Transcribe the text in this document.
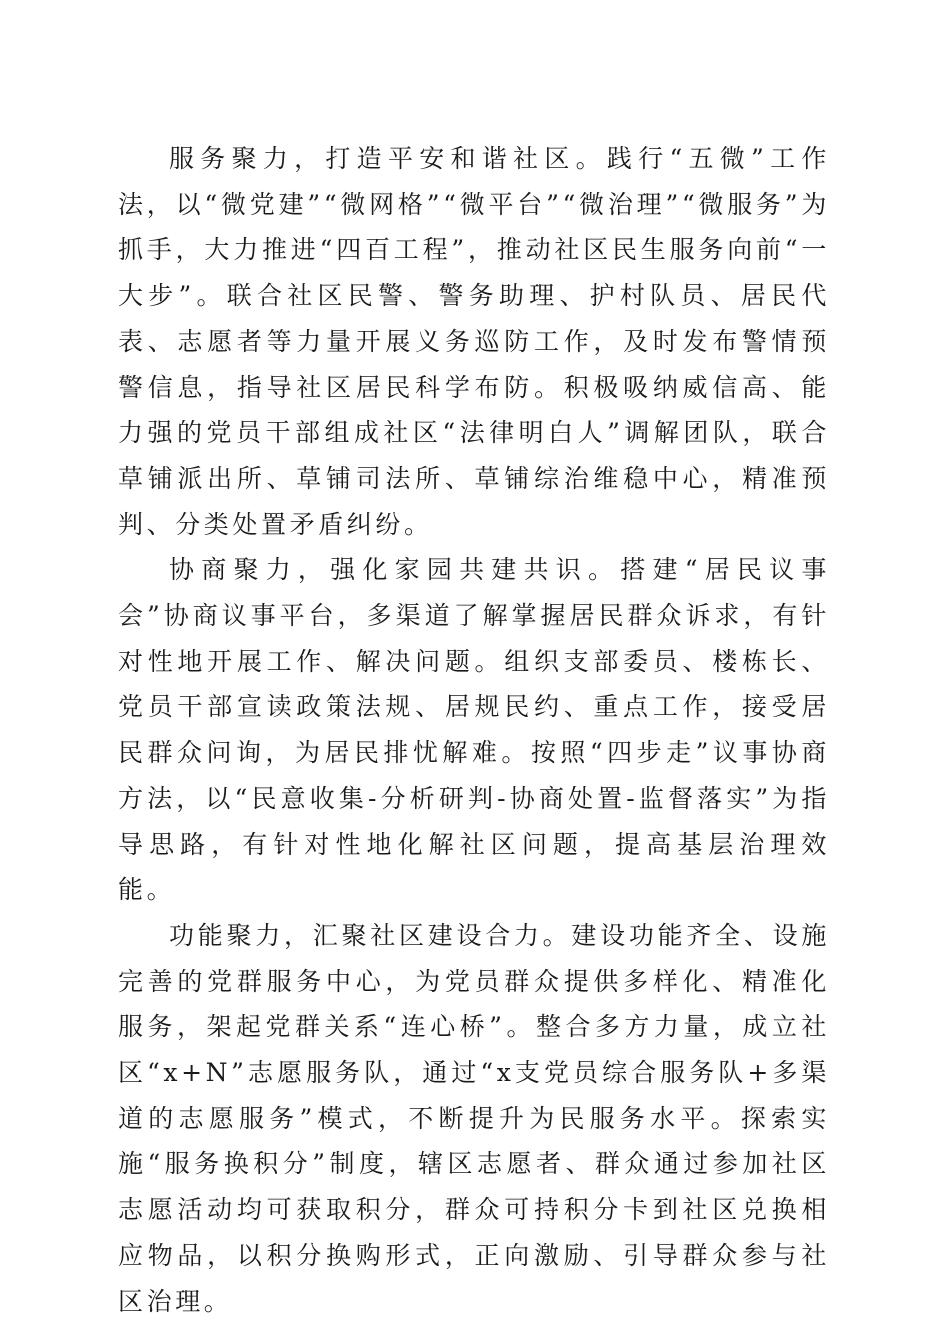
服务聚力，打造平安和谐社区。践行“五微”工作法，以“微党建”“微网格”“微平台”“微治理”“微服务”为抓手，大力推进“四百工程”，推动社区民生服务向前“一大步”。联合社区民警、警务助理、护村队员、居民代表、志愿者等力量开展义务巡防工作，及时发布警情预警信息，指导社区居民科学布防。积极吸纳威信高、能力强的党员干部组成社区“法律明白人”调解团队，联合草铺派出所、草铺司法所、草铺综治维稳中心，精准预判、分类处置矛盾纠纷。

协商聚力，强化家园共建共识。搭建“居民议事会”协商议事平台，多渠道了解掌握居民群众诉求，有针对性地开展工作、解决问题。组织支部委员、楼栋长、党员干部宣读政策法规、居规民约、重点工作，接受居民群众问询，为居民排忧解难。按照“四步走”议事协商方法，以“民意收集-分析研判-协商处置-监督落实”为指导思路，有针对性地化解社区问题，提高基层治理效能。

功能聚力，汇聚社区建设合力。建设功能齐全、设施完善的党群服务中心，为党员群众提供多样化、精准化服务，架起党群关系“连心桥”。整合多方力量，成立社区“x+N”志愿服务队，通过“x支党员综合服务队+多渠道的志愿服务”模式，不断提升为民服务水平。探索实施“服务换积分”制度，辖区志愿者、群众通过参加社区志愿活动均可获取积分，群众可持积分卡到社区兑换相应物品，以积分换购形式，正向激励、引导群众参与社区治理。
